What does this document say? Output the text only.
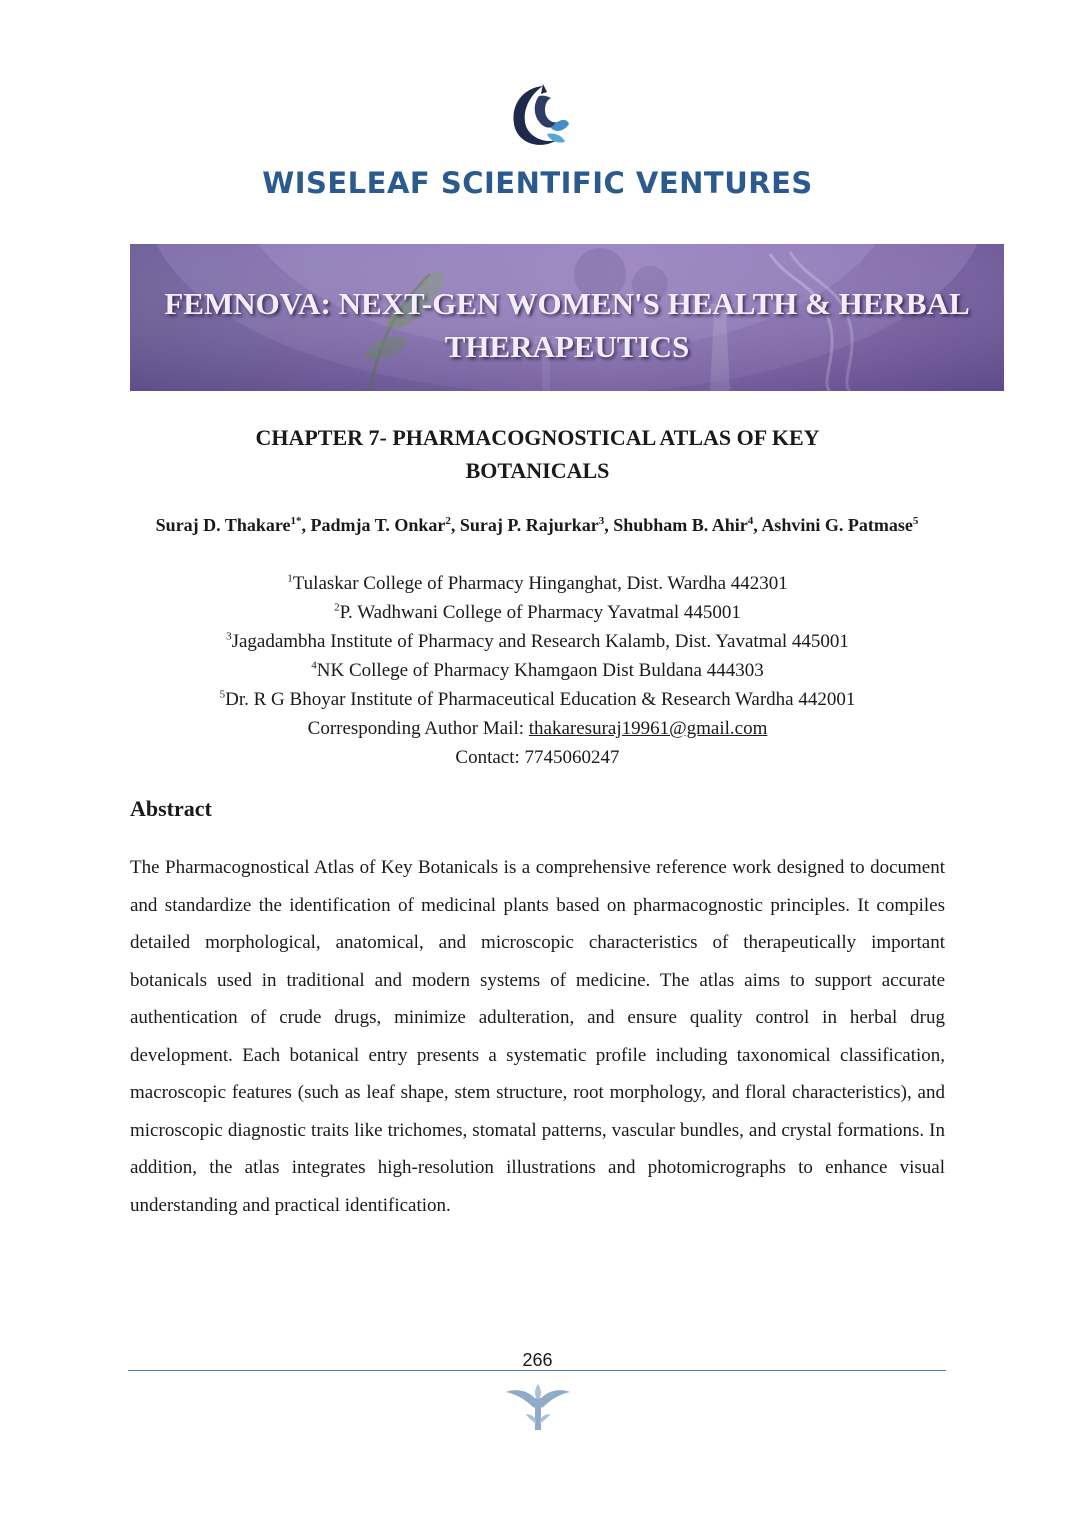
WISELEAF SCIENTIFIC VENTURES
FEMNOVA: NEXT-GEN WOMEN'S HEALTH & HERBAL
THERAPEUTICS
CHAPTER 7- PHARMACOGNOSTICAL ATLAS OF KEY
BOTANICALS
Suraj D. Thakare$^{1*}$, Padmja T. Onkar$^2$, Suraj P. Rajurkar$^3$, Shubham B. Ahir$^4$, Ashvini G. Patmase$^5$
$^1$Tulaskar College of Pharmacy Hinganghat, Dist. Wardha 442301
$^2$P. Wadhwani College of Pharmacy Yavatmal 445001
$^3$Jagadambha Institute of Pharmacy and Research Kalamb, Dist. Yavatmal 445001
$^4$NK College of Pharmacy Khamgaon Dist Buldana 444303
$^5$Dr. R G Bhoyar Institute of Pharmaceutical Education & Research Wardha 442001
Corresponding Author Mail: thakaresuraj19961@gmail.com
Contact: 7745060247
Abstract
The Pharmacognostical Atlas of Key Botanicals is a comprehensive reference work designed to document and standardize the identification of medicinal plants based on pharmacognostic principles. It compiles detailed morphological, anatomical, and microscopic characteristics of therapeutically important botanicals used in traditional and modern systems of medicine. The atlas aims to support accurate authentication of crude drugs, minimize adulteration, and ensure quality control in herbal drug development. Each botanical entry presents a systematic profile including taxonomical classification, macroscopic features (such as leaf shape, stem structure, root morphology, and floral characteristics), and microscopic diagnostic traits like trichomes, stomatal patterns, vascular bundles, and crystal formations. In addition, the atlas integrates high-resolution illustrations and photomicrographs to enhance visual understanding and practical identification.
266
